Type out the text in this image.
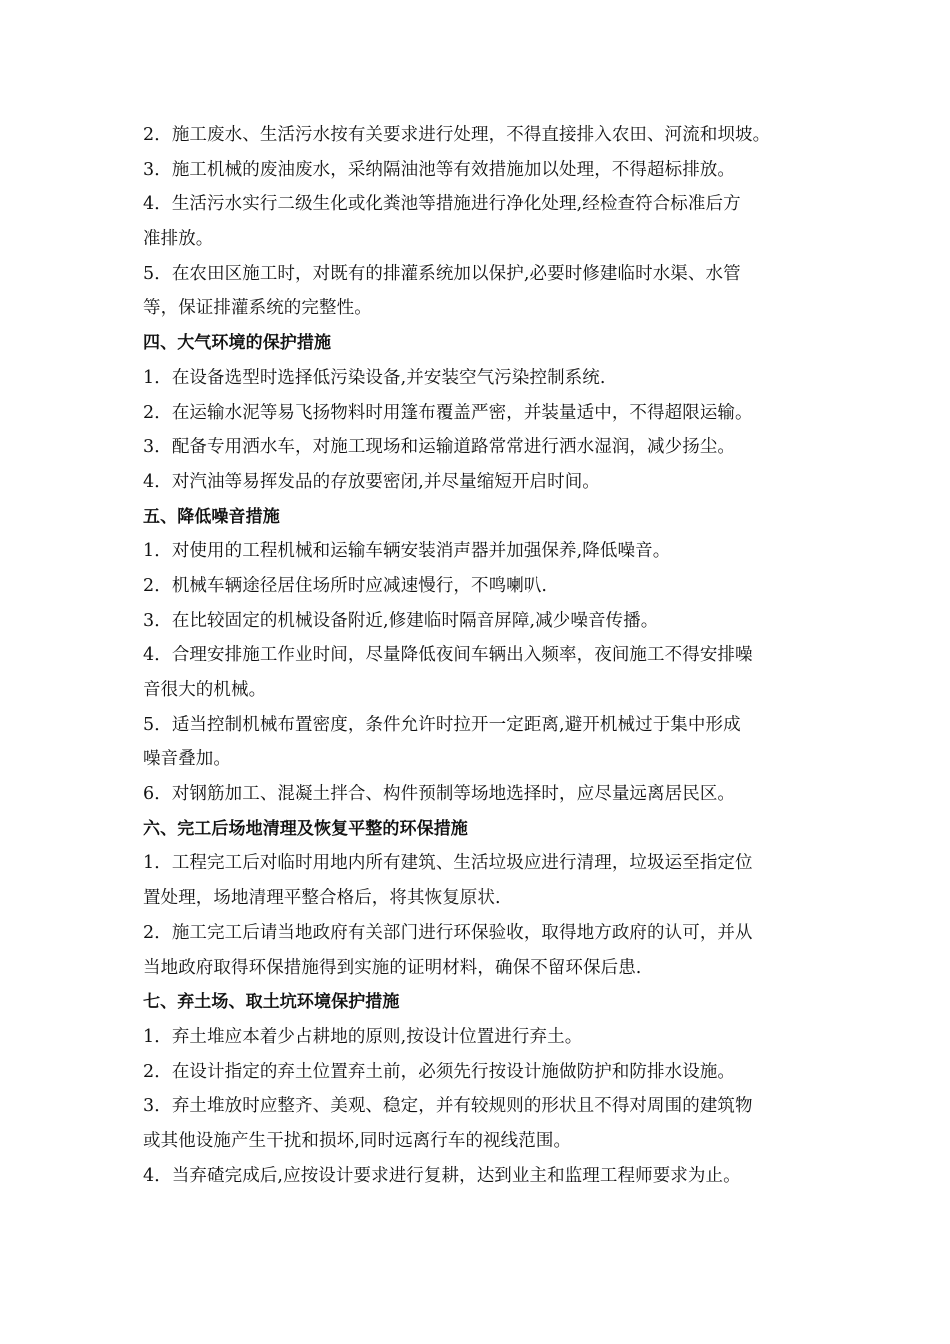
2．施工废水、生活污水按有关要求进行处理，不得直接排入农田、河流和坝坡。
3．施工机械的废油废水，采纳隔油池等有效措施加以处理，不得超标排放。
4．生活污水实行二级生化或化粪池等措施进行净化处理,经检查符合标准后方
准排放。
5．在农田区施工时，对既有的排灌系统加以保护,必要时修建临时水渠、水管
等，保证排灌系统的完整性。
四、大气环境的保护措施
1．在设备选型时选择低污染设备,并安装空气污染控制系统.
2．在运输水泥等易飞扬物料时用篷布覆盖严密，并装量适中，不得超限运输。
3．配备专用洒水车，对施工现场和运输道路常常进行洒水湿润，减少扬尘。
4．对汽油等易挥发品的存放要密闭,并尽量缩短开启时间。
五、降低噪音措施
1．对使用的工程机械和运输车辆安装消声器并加强保养,降低噪音。
2．机械车辆途径居住场所时应减速慢行，不鸣喇叭.
3．在比较固定的机械设备附近,修建临时隔音屏障,减少噪音传播。
4．合理安排施工作业时间，尽量降低夜间车辆出入频率，夜间施工不得安排噪
音很大的机械。
5．适当控制机械布置密度，条件允许时拉开一定距离,避开机械过于集中形成
噪音叠加。
6．对钢筋加工、混凝土拌合、构件预制等场地选择时，应尽量远离居民区。
六、完工后场地清理及恢复平整的环保措施
1．工程完工后对临时用地内所有建筑、生活垃圾应进行清理，垃圾运至指定位
置处理，场地清理平整合格后，将其恢复原状.
2．施工完工后请当地政府有关部门进行环保验收，取得地方政府的认可，并从
当地政府取得环保措施得到实施的证明材料，确保不留环保后患.
七、弃土场、取土坑环境保护措施
1．弃土堆应本着少占耕地的原则,按设计位置进行弃土。
2．在设计指定的弃土位置弃土前，必须先行按设计施做防护和防排水设施。
3．弃土堆放时应整齐、美观、稳定，并有较规则的形状且不得对周围的建筑物
或其他设施产生干扰和损坏,同时远离行车的视线范围。
4．当弃碴完成后,应按设计要求进行复耕，达到业主和监理工程师要求为止。
